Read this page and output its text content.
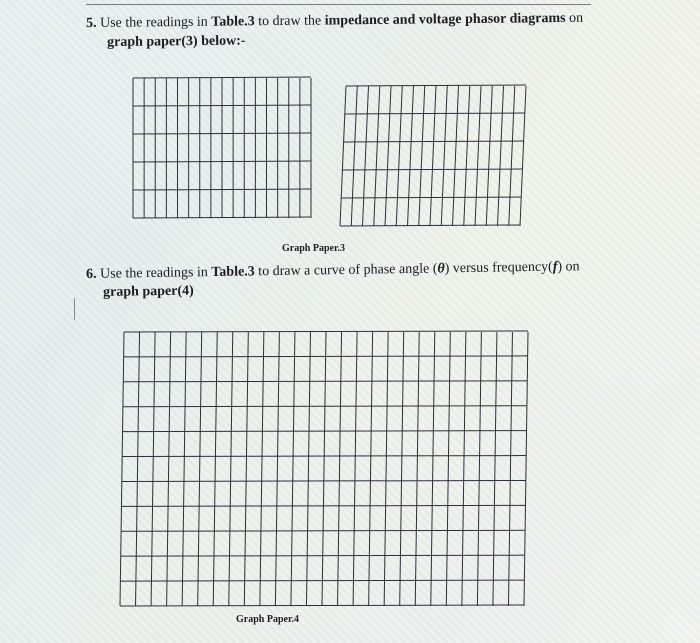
5. Use the readings in Table.3 to draw the impedance and voltage phasor diagrams on
graph paper(3) below:-
Graph Paper.3
6. Use the readings in Table.3 to draw a curve of phase angle (θ) versus frequency(f) on
graph paper(4)
Graph Paper.4
